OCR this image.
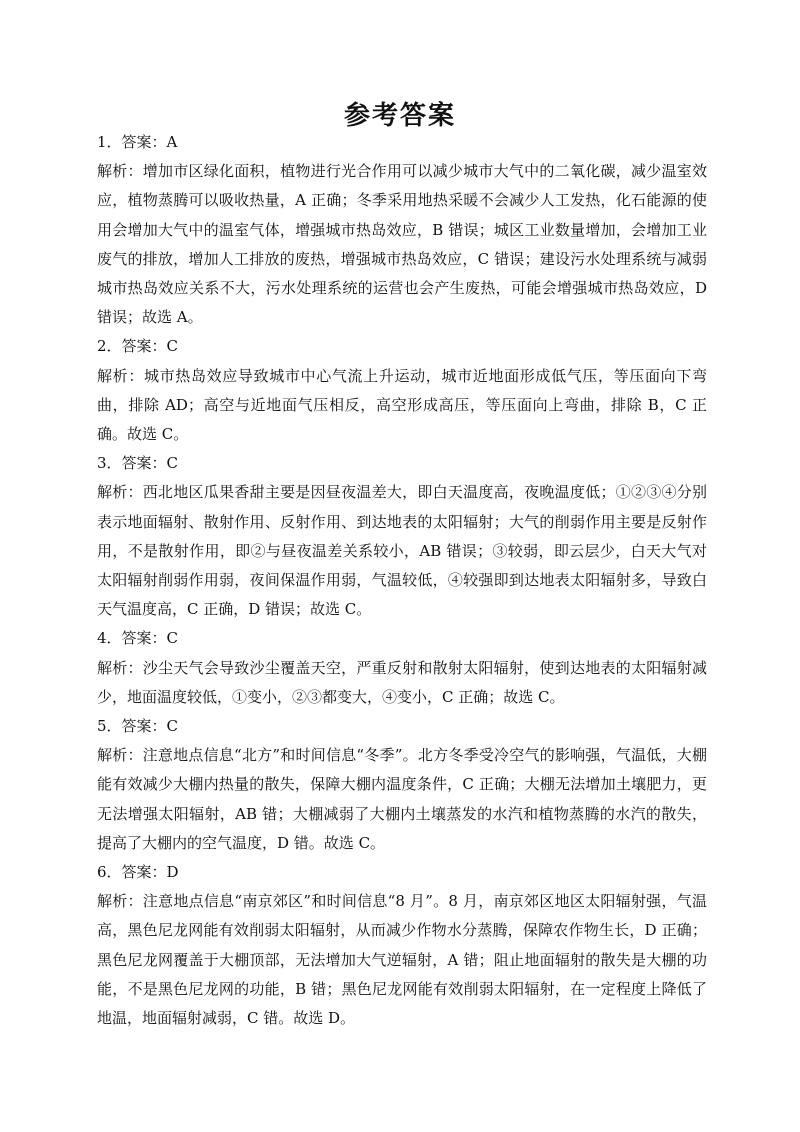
参考答案
1．答案：A
解析：增加市区绿化面积，植物进行光合作用可以减少城市大气中的二氧化碳，减少温室效应，植物蒸腾可以吸收热量，A 正确；冬季采用地热采暖不会减少人工发热，化石能源的使用会增加大气中的温室气体，增强城市热岛效应，B 错误；城区工业数量增加，会增加工业废气的排放，增加人工排放的废热，增强城市热岛效应，C 错误；建设污水处理系统与减弱城市热岛效应关系不大，污水处理系统的运营也会产生废热，可能会增强城市热岛效应，D 错误；故选 A。
2．答案：C
解析：城市热岛效应导致城市中心气流上升运动，城市近地面形成低气压，等压面向下弯曲，排除 AD；高空与近地面气压相反，高空形成高压，等压面向上弯曲，排除 B，C 正确。故选 C。
3．答案：C
解析：西北地区瓜果香甜主要是因昼夜温差大，即白天温度高，夜晚温度低；①②③④分别表示地面辐射、散射作用、反射作用、到达地表的太阳辐射；大气的削弱作用主要是反射作用，不是散射作用，即②与昼夜温差关系较小，AB 错误；③较弱，即云层少，白天大气对太阳辐射削弱作用弱，夜间保温作用弱，气温较低，④较强即到达地表太阳辐射多，导致白天气温度高，C 正确，D 错误；故选 C。
4．答案：C
解析：沙尘天气会导致沙尘覆盖天空，严重反射和散射太阳辐射，使到达地表的太阳辐射减少，地面温度较低，①变小，②③都变大，④变小，C 正确；故选 C。
5．答案：C
解析：注意地点信息“北方”和时间信息“冬季”。北方冬季受冷空气的影响强，气温低，大棚能有效减少大棚内热量的散失，保障大棚内温度条件，C 正确；大棚无法增加土壤肥力，更无法增强太阳辐射，AB 错；大棚减弱了大棚内土壤蒸发的水汽和植物蒸腾的水汽的散失，提高了大棚内的空气温度，D 错。故选 C。
6．答案：D
解析：注意地点信息“南京郊区”和时间信息“8 月”。8 月，南京郊区地区太阳辐射强，气温高，黑色尼龙网能有效削弱太阳辐射，从而减少作物水分蒸腾，保障农作物生长，D 正确；黑色尼龙网覆盖于大棚顶部，无法增加大气逆辐射，A 错；阻止地面辐射的散失是大棚的功能，不是黑色尼龙网的功能，B 错；黑色尼龙网能有效削弱太阳辐射，在一定程度上降低了地温，地面辐射减弱，C 错。故选 D。
